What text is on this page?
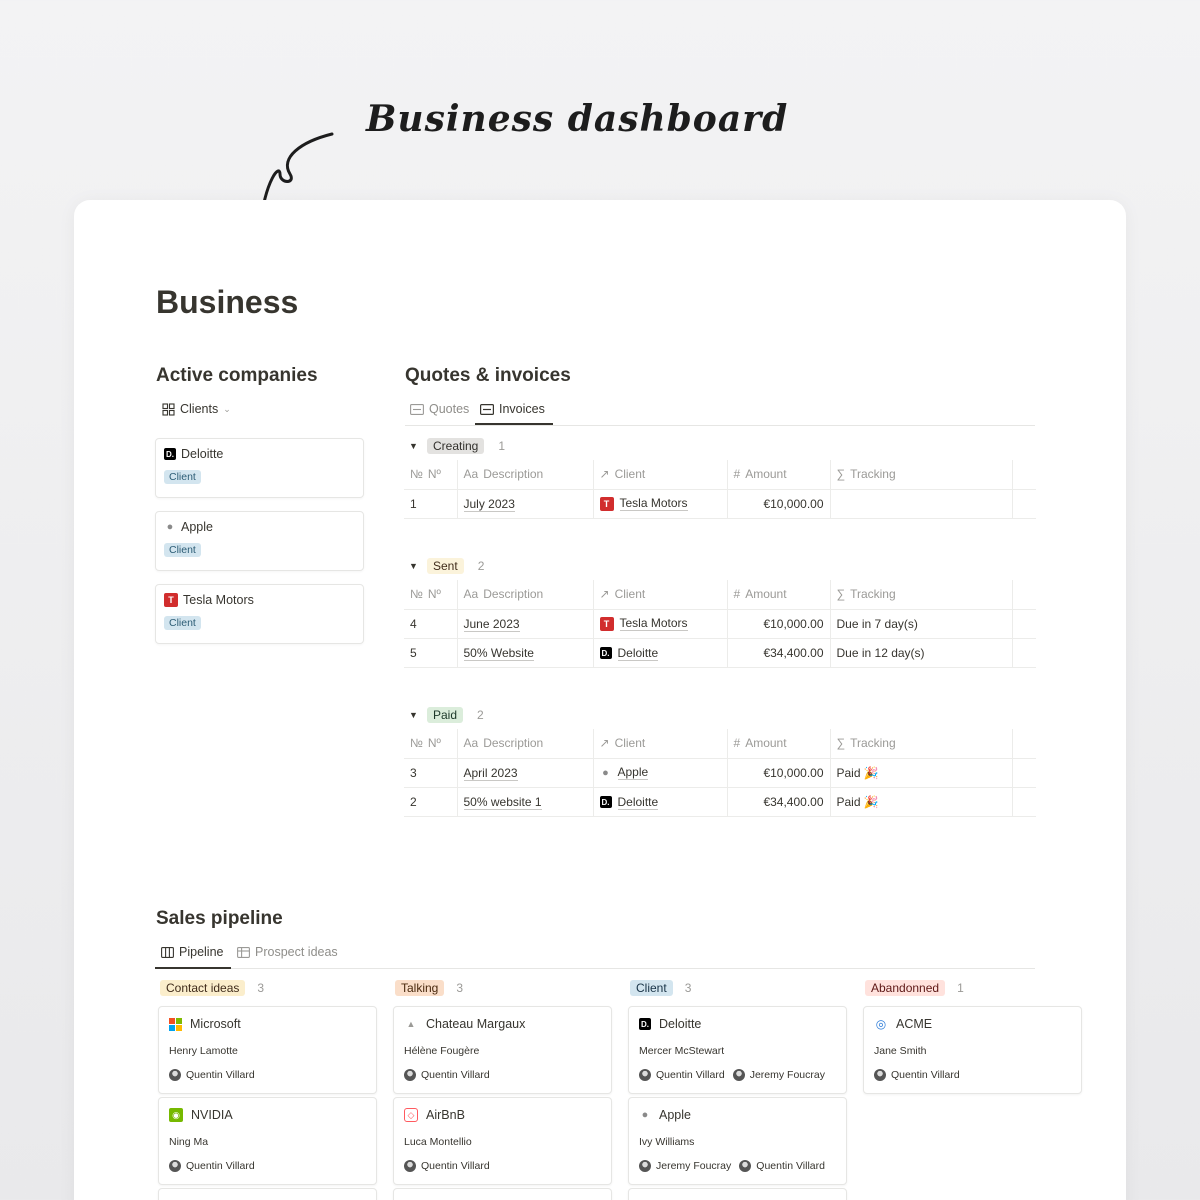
Business dashboard
Business
Active companies
Clients ⌄
D. Deloitte
Client
● Apple
Client
T Tesla Motors
Client
Quotes & invoices
Quotes Invoices
▼	Creating	1
№ Nº	Aa Description	↗ Client	# Amount	∑ Tracking	

1	July 2023	T Tesla Motors	€10,000.00		
▼	Sent	2
№ Nº	Aa Description	↗ Client	# Amount	∑ Tracking	

4	June 2023	T Tesla Motors	€10,000.00	Due in 7 day(s)	
5	50% Website	D. Deloitte	€34,400.00	Due in 12 day(s)	
▼	Paid	2
№ Nº	Aa Description	↗ Client	# Amount	∑ Tracking	

3	April 2023	● Apple	€10,000.00	Paid 🎉	
2	50% website 1	D. Deloitte	€34,400.00	Paid 🎉	
Sales pipeline
Pipeline	Prospect ideas
Contact ideas	3
Microsoft
Henry Lamotte
Quentin Villard
◉ NVIDIA
Ning Ma
Quentin Villard
Talking	3
▲ Chateau Margaux
Hélène Fougère
Quentin Villard
◇ AirBnB
Luca Montellio
Quentin Villard
Client	3
D. Deloitte
Mercer McStewart
Quentin Villard Jeremy Foucray
● Apple
Ivy Williams
Jeremy Foucray Quentin Villard
Abandonned	1
◎ ACME
Jane Smith
Quentin Villard
